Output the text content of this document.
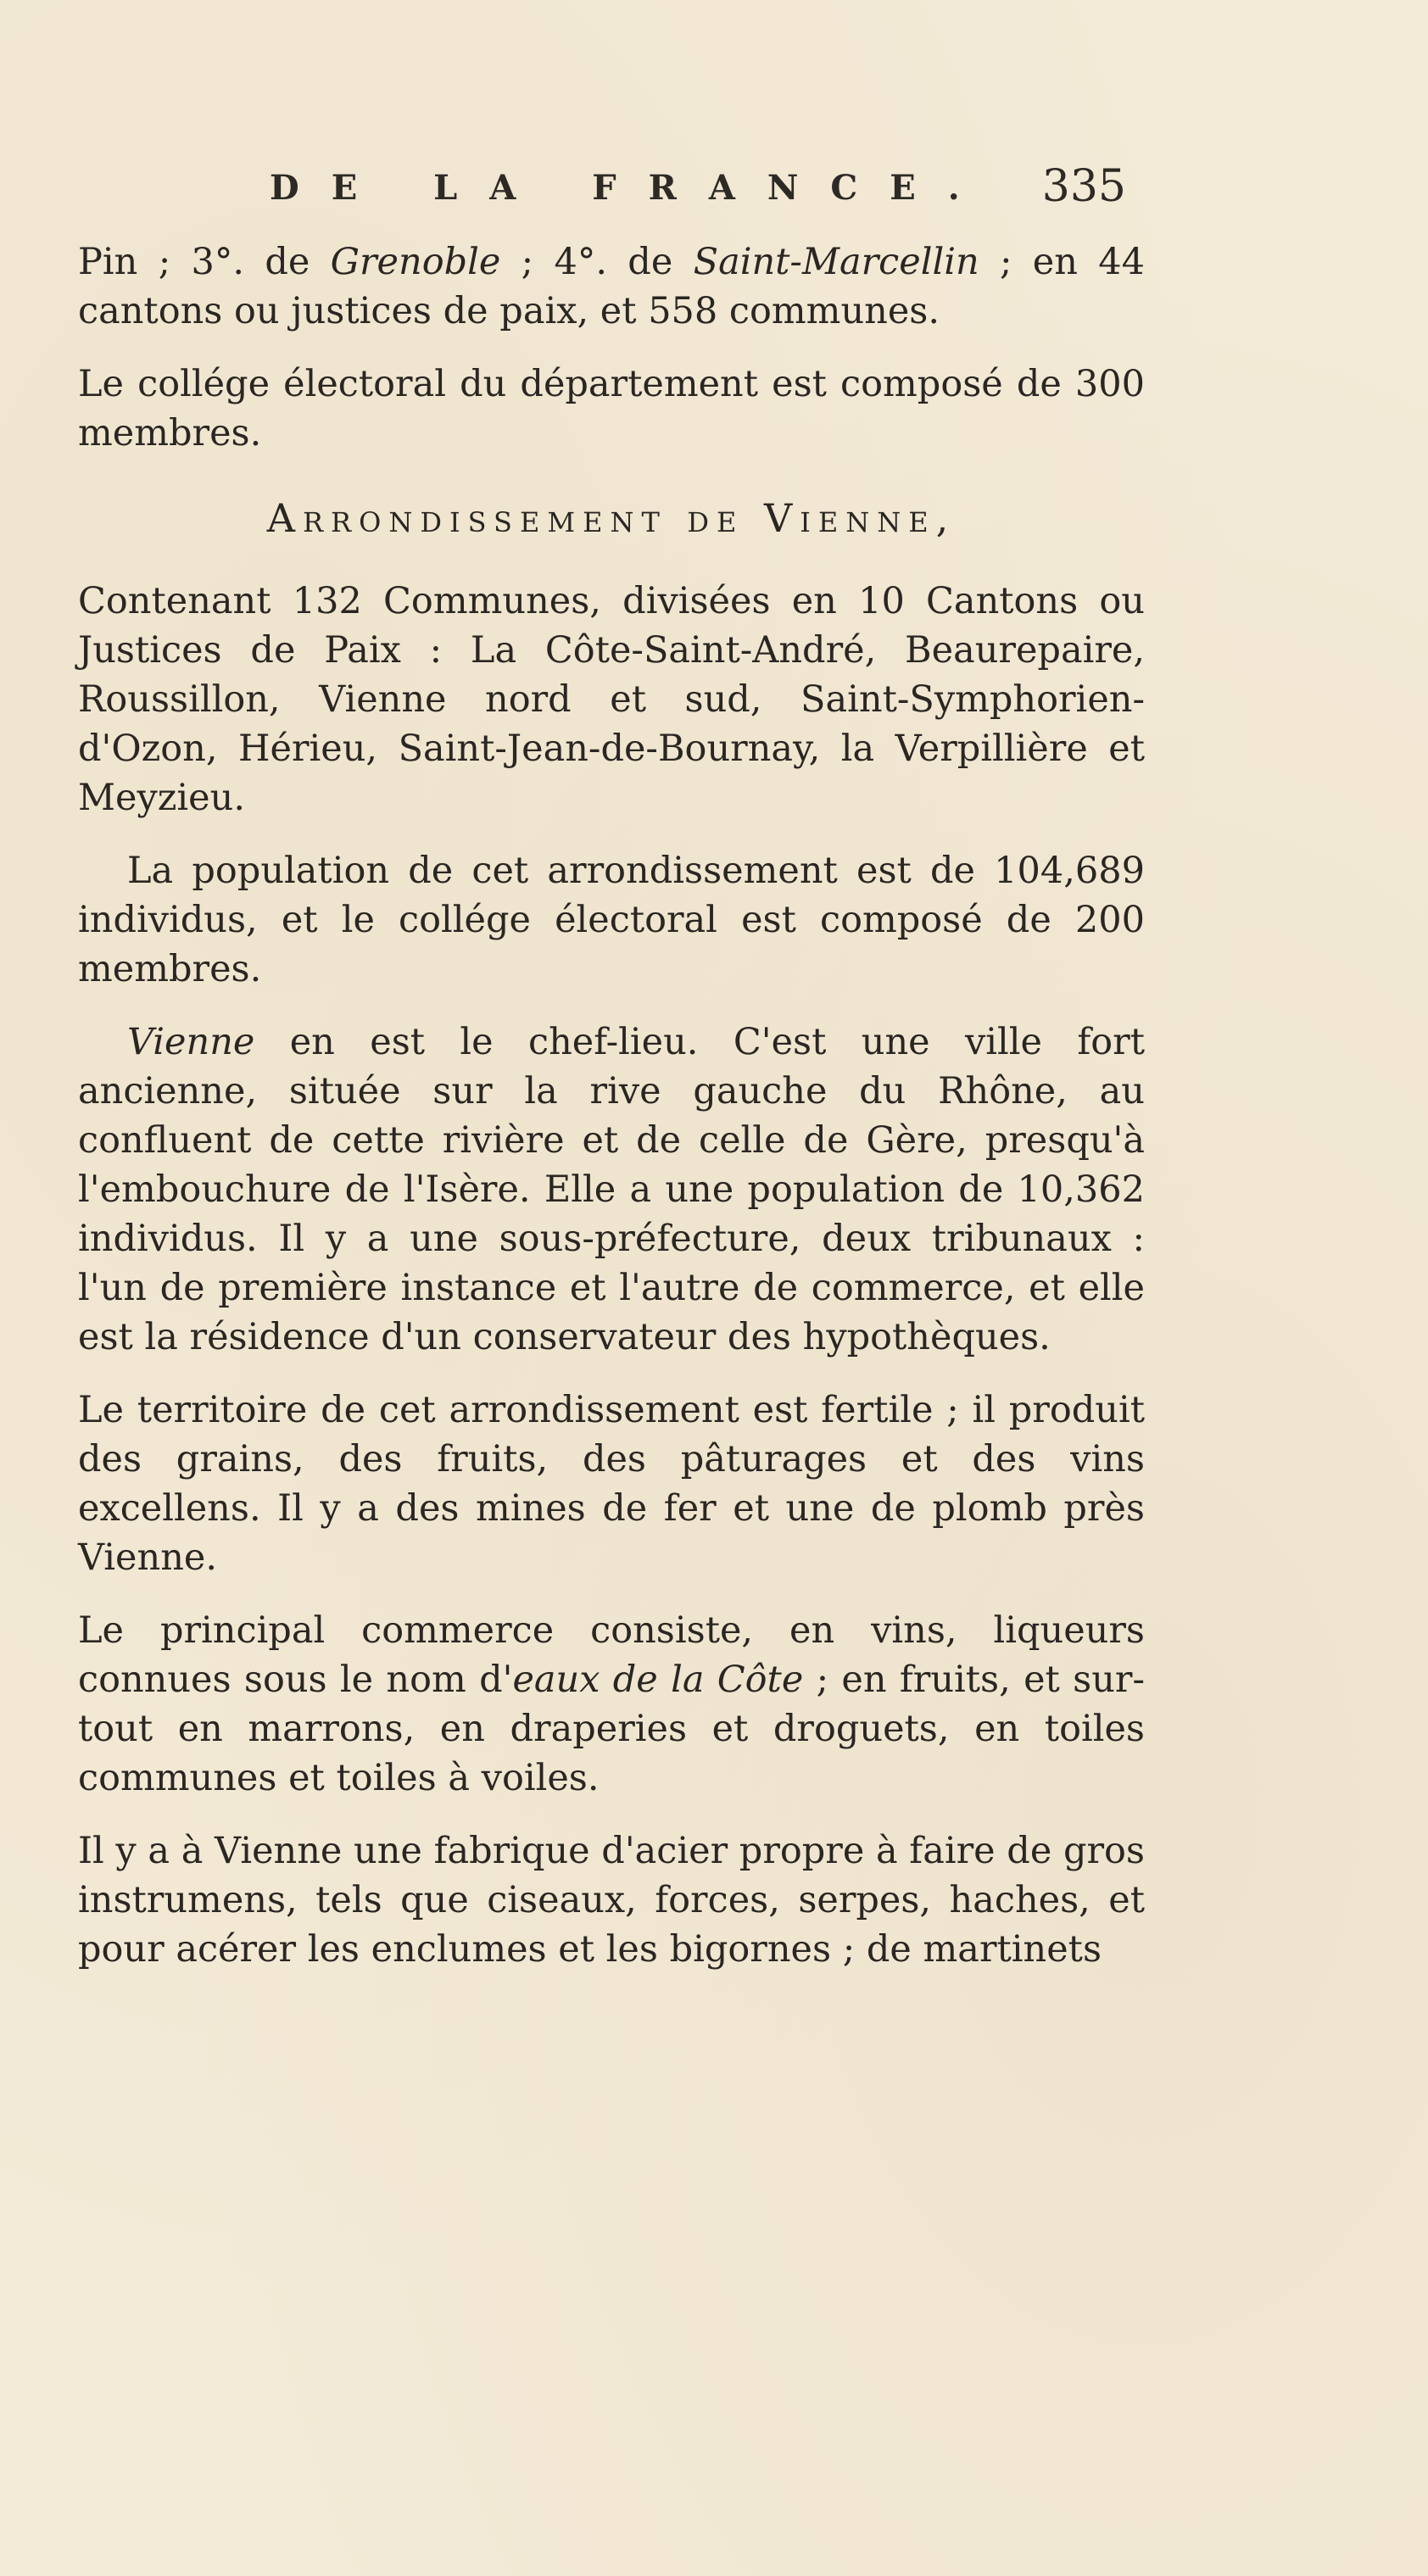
DE LA FRANCE. 335

Pin ; 3°. de Grenoble ; 4°. de Saint-Marcellin ; en 44 cantons ou justices de paix, et 558 communes.

Le collége électoral du département est composé de 300 membres.

Arrondissement de Vienne,

Contenant 132 Communes, divisées en 10 Cantons ou Justices de Paix : La Côte-Saint-André, Beaurepaire, Roussillon, Vienne nord et sud, Saint-Symphorien-d'Ozon, Hérieu, Saint-Jean-de-Bournay, la Verpillière et Meyzieu.

La population de cet arrondissement est de 104,689 individus, et le collége électoral est composé de 200 membres.

Vienne en est le chef-lieu. C'est une ville fort ancienne, située sur la rive gauche du Rhône, au confluent de cette rivière et de celle de Gère, presqu'à l'embouchure de l'Isère. Elle a une population de 10,362 individus. Il y a une sous-préfecture, deux tribunaux : l'un de première instance et l'autre de commerce, et elle est la résidence d'un conservateur des hypothèques.

Le territoire de cet arrondissement est fertile ; il produit des grains, des fruits, des pâturages et des vins excellens. Il y a des mines de fer et une de plomb près Vienne.

Le principal commerce consiste, en vins, liqueurs connues sous le nom d'eaux de la Côte ; en fruits, et sur-tout en marrons, en draperies et droguets, en toiles communes et toiles à voiles.

Il y a à Vienne une fabrique d'acier propre à faire de gros instrumens, tels que ciseaux, forces, serpes, haches, et pour acérer les enclumes et les bigornes ; de martinets
